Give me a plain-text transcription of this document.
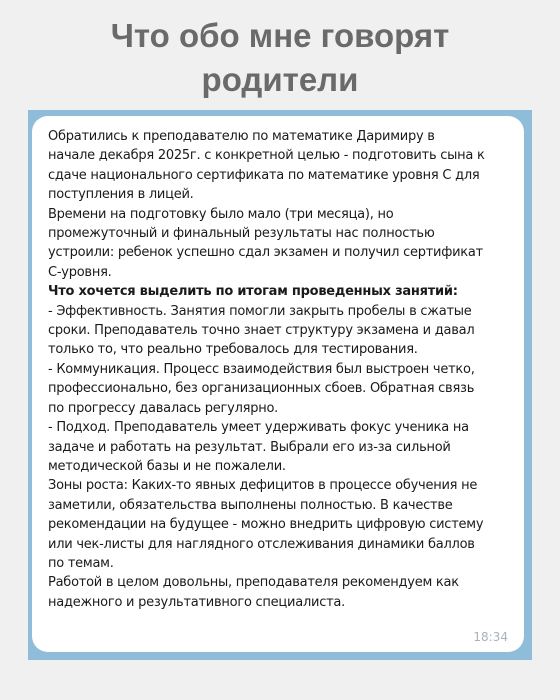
Что обо мне говорят
родители
Обратились к преподавателю по математике Даримиру в
начале декабря 2025г. с конкретной целью - подготовить сына к
сдаче национального сертификата по математике уровня С для
поступления в лицей.
Времени на подготовку было мало (три месяца), но
промежуточный и финальный результаты нас полностью
устроили: ребенок успешно сдал экзамен и получил сертификат
С-уровня.
Что хочется выделить по итогам проведенных занятий:
- Эффективность. Занятия помогли закрыть пробелы в сжатые
сроки. Преподаватель точно знает структуру экзамена и давал
только то, что реально требовалось для тестирования.
- Коммуникация. Процесс взаимодействия был выстроен четко,
профессионально, без организационных сбоев. Обратная связь
по прогрессу давалась регулярно.
- Подход. Преподаватель умеет удерживать фокус ученика на
задаче и работать на результат. Выбрали его из-за сильной
методической базы и не пожалели.
Зоны роста: Каких-то явных дефицитов в процессе обучения не
заметили, обязательства выполнены полностью. В качестве
рекомендации на будущее - можно внедрить цифровую систему
или чек-листы для наглядного отслеживания динамики баллов
по темам.
Работой в целом довольны, преподавателя рекомендуем как
надежного и результативного специалиста.
18:34
